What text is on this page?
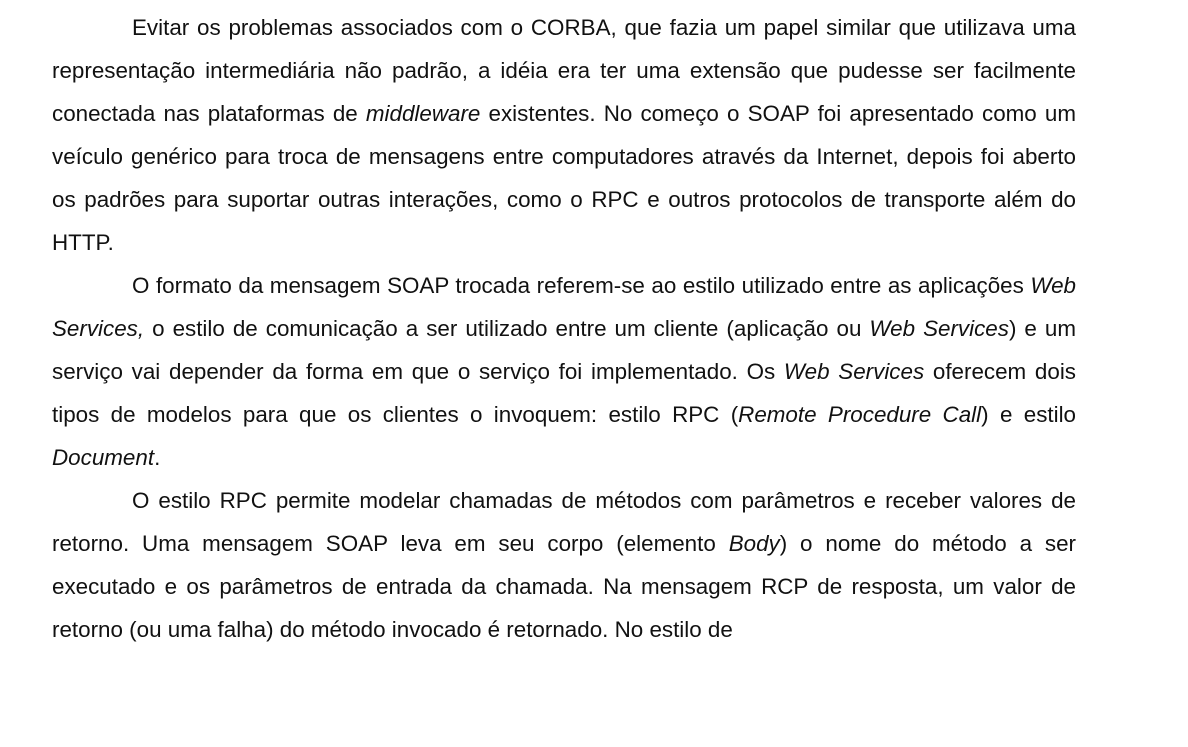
Evitar os problemas associados com o CORBA, que fazia um papel similar que utilizava uma representação intermediária não padrão, a idéia era ter uma extensão que pudesse ser facilmente conectada nas plataformas de middleware existentes. No começo o SOAP foi apresentado como um veículo genérico para troca de mensagens entre computadores através da Internet, depois foi aberto os padrões para suportar outras interações, como o RPC e outros protocolos de transporte além do HTTP.

O formato da mensagem SOAP trocada referem-se ao estilo utilizado entre as aplicações Web Services, o estilo de comunicação a ser utilizado entre um cliente (aplicação ou Web Services) e um serviço vai depender da forma em que o serviço foi implementado. Os Web Services oferecem dois tipos de modelos para que os clientes o invoquem: estilo RPC (Remote Procedure Call) e estilo Document.

O estilo RPC permite modelar chamadas de métodos com parâmetros e receber valores de retorno. Uma mensagem SOAP leva em seu corpo (elemento Body) o nome do método a ser executado e os parâmetros de entrada da chamada. Na mensagem RCP de resposta, um valor de retorno (ou uma falha) do método invocado é retornado. No estilo de
